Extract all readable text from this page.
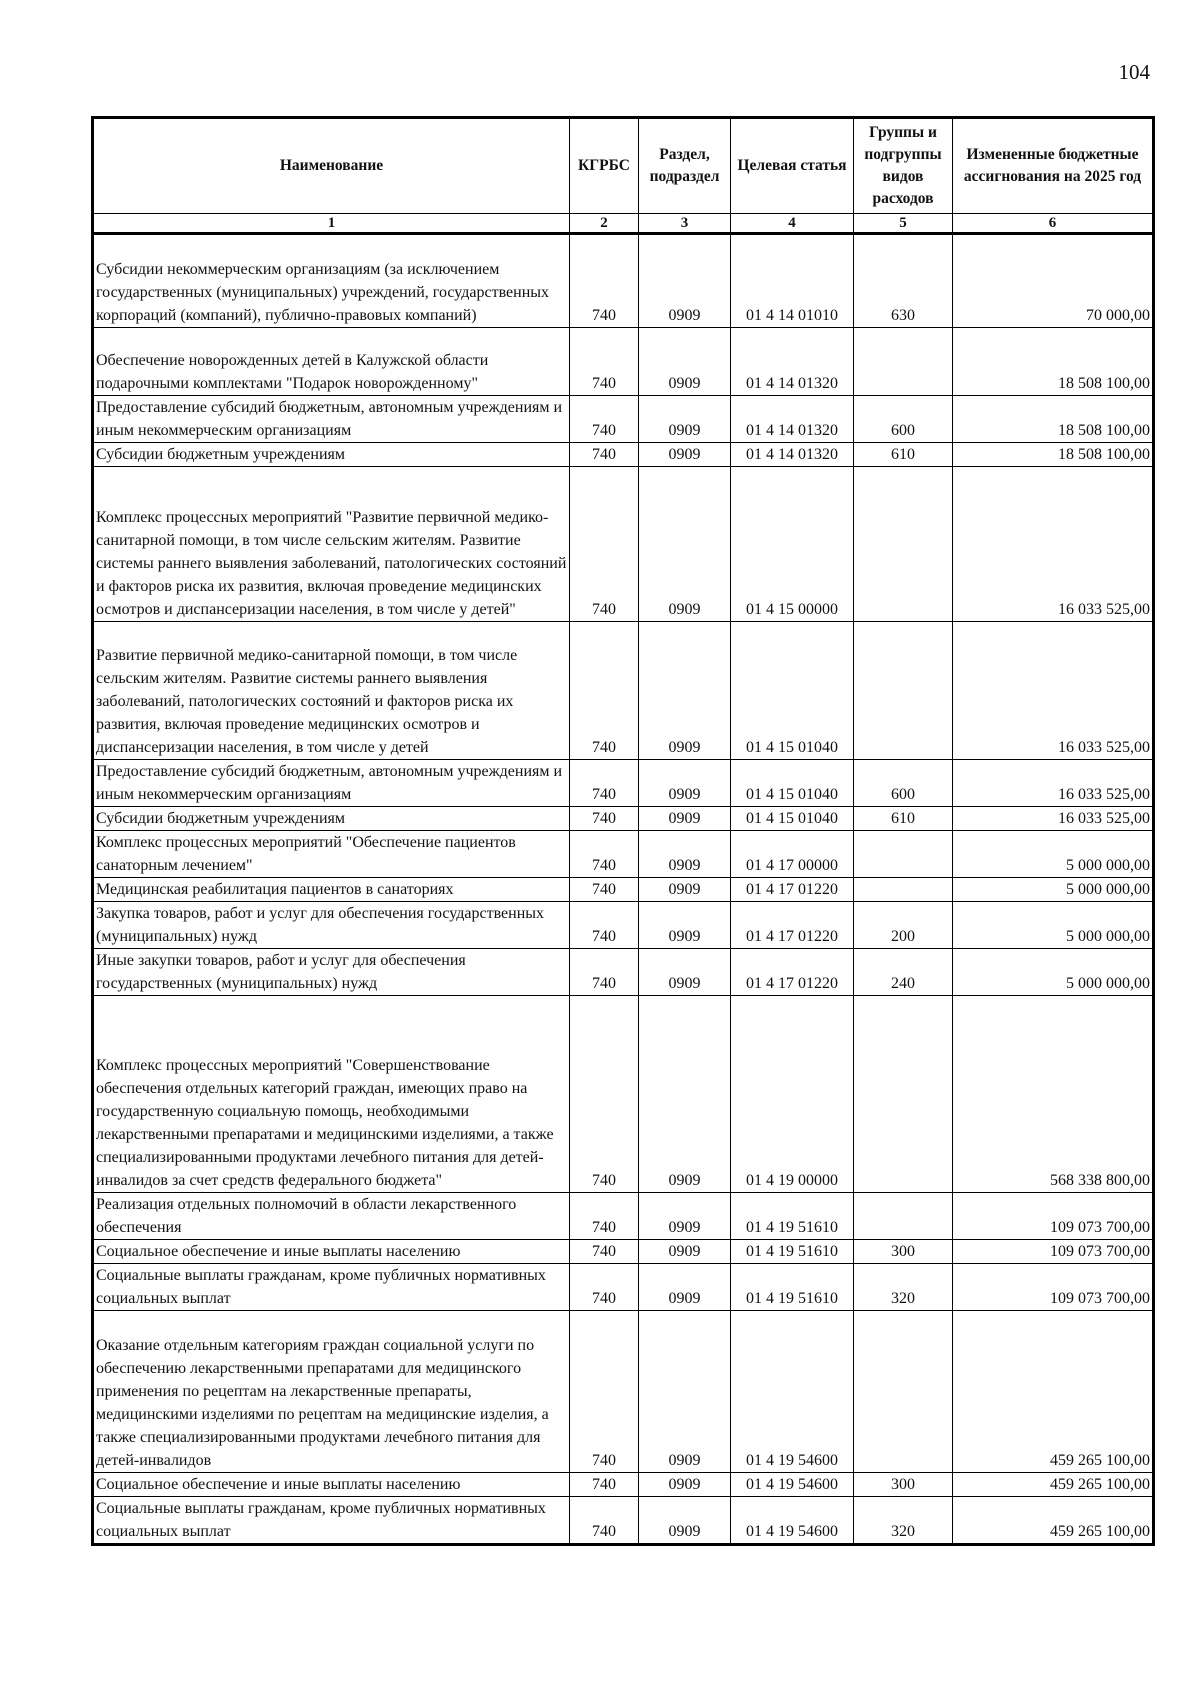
104
Наименование	КГРБС	Раздел, подраздел	Целевая статья	Группы и подгруппы видов расходов	Измененные бюджетные ассигнования на 2025 год
1	2	3	4	5	6
Субсидии некоммерческим организациям (за исключением государственных (муниципальных) учреждений, государственных корпораций (компаний), публично-правовых компаний)	740	0909	01 4 14 01010	630	70 000,00
Обеспечение новорожденных детей в Калужской области подарочными комплектами "Подарок новорожденному"	740	0909	01 4 14 01320		18 508 100,00
Предоставление субсидий бюджетным, автономным учреждениям и иным некоммерческим организациям	740	0909	01 4 14 01320	600	18 508 100,00
Субсидии бюджетным учреждениям	740	0909	01 4 14 01320	610	18 508 100,00
Комплекс процессных мероприятий "Развитие первичной медико-санитарной помощи, в том числе сельским жителям. Развитие системы раннего выявления заболеваний, патологических состояний и факторов риска их развития, включая проведение медицинских осмотров и диспансеризации населения, в том числе у детей"	740	0909	01 4 15 00000		16 033 525,00
Развитие первичной медико-санитарной помощи, в том числе сельским жителям. Развитие системы раннего выявления заболеваний, патологических состояний и факторов риска их развития, включая проведение медицинских осмотров и диспансеризации населения, в том числе у детей	740	0909	01 4 15 01040		16 033 525,00
Предоставление субсидий бюджетным, автономным учреждениям и иным некоммерческим организациям	740	0909	01 4 15 01040	600	16 033 525,00
Субсидии бюджетным учреждениям	740	0909	01 4 15 01040	610	16 033 525,00
Комплекс процессных мероприятий "Обеспечение пациентов санаторным лечением"	740	0909	01 4 17 00000		5 000 000,00
Медицинская реабилитация пациентов в санаториях	740	0909	01 4 17 01220		5 000 000,00
Закупка товаров, работ и услуг для обеспечения государственных (муниципальных) нужд	740	0909	01 4 17 01220	200	5 000 000,00
Иные закупки товаров, работ и услуг для обеспечения государственных (муниципальных) нужд	740	0909	01 4 17 01220	240	5 000 000,00
Комплекс процессных мероприятий "Совершенствование обеспечения отдельных категорий граждан, имеющих право на государственную социальную помощь, необходимыми лекарственными препаратами и медицинскими изделиями, а также специализированными продуктами лечебного питания для детей-инвалидов за счет средств федерального бюджета"	740	0909	01 4 19 00000		568 338 800,00
Реализация отдельных полномочий в области лекарственного обеспечения	740	0909	01 4 19 51610		109 073 700,00
Социальное обеспечение и иные выплаты населению	740	0909	01 4 19 51610	300	109 073 700,00
Социальные выплаты гражданам, кроме публичных нормативных социальных выплат	740	0909	01 4 19 51610	320	109 073 700,00
Оказание отдельным категориям граждан социальной услуги по обеспечению лекарственными препаратами для медицинского применения по рецептам на лекарственные препараты, медицинскими изделиями по рецептам на медицинские изделия, а также специализированными продуктами лечебного питания для детей-инвалидов	740	0909	01 4 19 54600		459 265 100,00
Социальное обеспечение и иные выплаты населению	740	0909	01 4 19 54600	300	459 265 100,00
Социальные выплаты гражданам, кроме публичных нормативных социальных выплат	740	0909	01 4 19 54600	320	459 265 100,00
